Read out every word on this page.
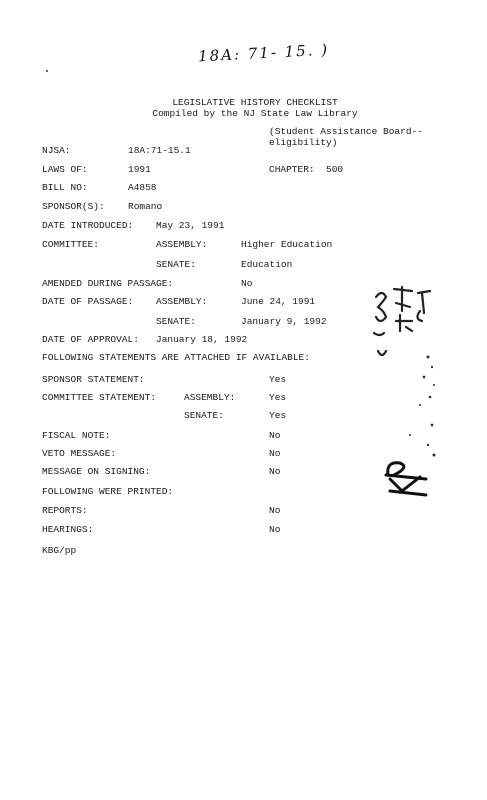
18A: 71- 15. )
LEGISLATIVE HISTORY CHECKLIST
Compiled by the NJ State Law Library
(Student Assistance Board--
eligibility)
NJSA:	18A:71-15.1
LAWS OF:	1991	CHAPTER: 500
BILL NO:	A4858
SPONSOR(S): Romano
DATE INTRODUCED: May 23, 1991
COMMITTEE:	ASSEMBLY:	Higher Education
SENATE:	Education
AMENDED DURING PASSAGE:	No
DATE OF PASSAGE: ASSEMBLY:	June 24, 1991
SENATE:	January 9, 1992
DATE OF APPROVAL: January 18, 1992
FOLLOWING STATEMENTS ARE ATTACHED IF AVAILABLE:
SPONSOR STATEMENT:	Yes
COMMITTEE STATEMENT:	ASSEMBLY:	Yes
SENATE:	Yes
FISCAL NOTE:	No
VETO MESSAGE:	No
MESSAGE ON SIGNING:	No
FOLLOWING WERE PRINTED:
REPORTS:	No
HEARINGS:	No
KBG/pp
